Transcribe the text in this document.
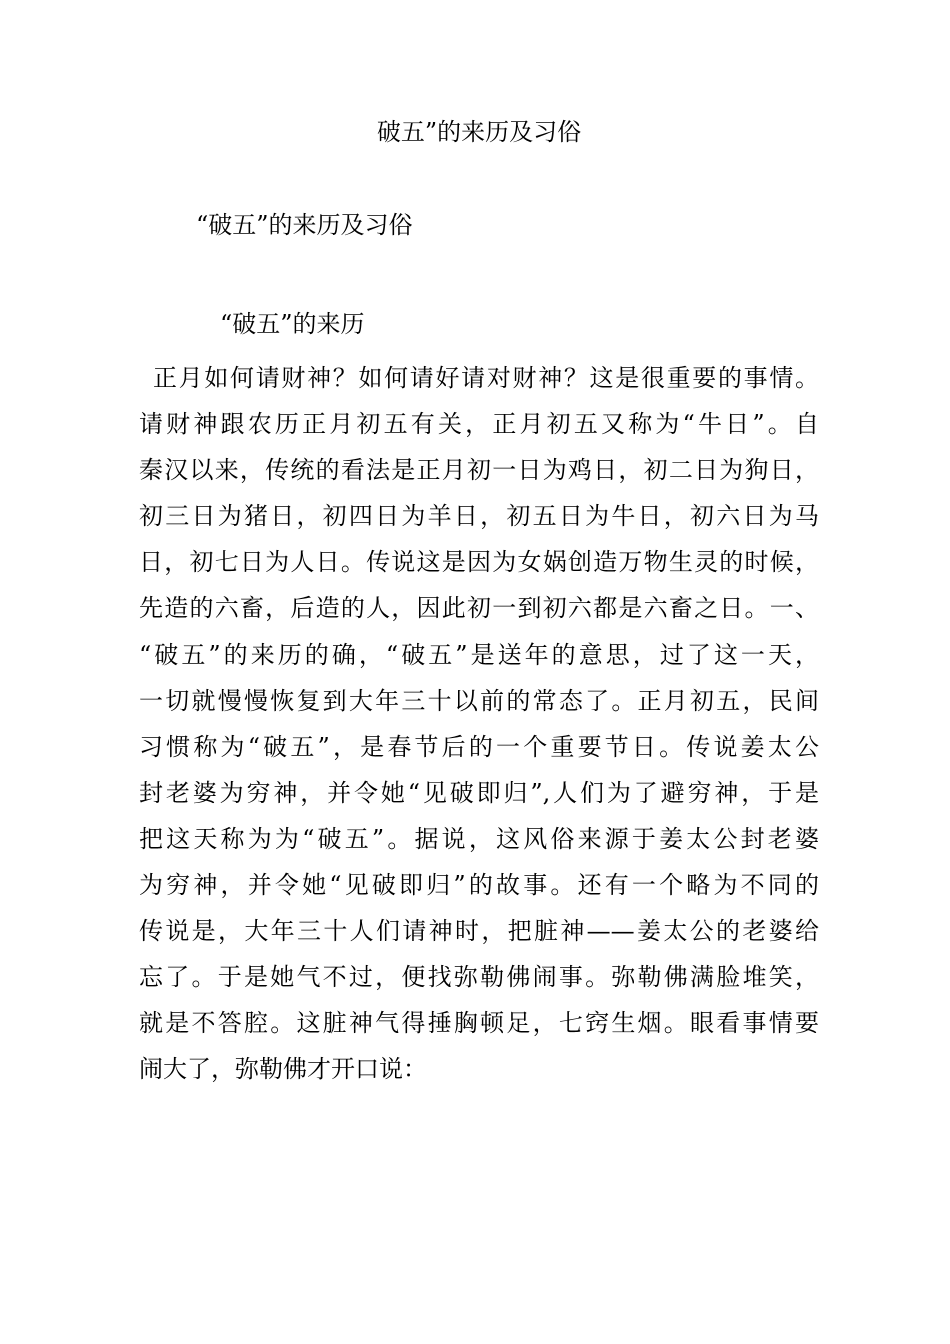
破五”的来历及习俗
“破五”的来历及习俗
“破五”的来历
正月如何请财神？如何请好请对财神？这是很重要的事情。
请财神跟农历正月初五有关，正月初五又称为“牛日”。自
秦汉以来，传统的看法是正月初一日为鸡日，初二日为狗日，
初三日为猪日，初四日为羊日，初五日为牛日，初六日为马
日，初七日为人日。传说这是因为女娲创造万物生灵的时候，
先造的六畜，后造的人，因此初一到初六都是六畜之日。一、
“破五”的来历的确，“破五”是送年的意思，过了这一天，
一切就慢慢恢复到大年三十以前的常态了。正月初五，民间
习惯称为“破五”，是春节后的一个重要节日。传说姜太公
封老婆为穷神，并令她“见破即归”,人们为了避穷神，于是
把这天称为为“破五”。据说，这风俗来源于姜太公封老婆
为穷神，并令她“见破即归”的故事。还有一个略为不同的
传说是，大年三十人们请神时，把脏神——姜太公的老婆给
忘了。于是她气不过，便找弥勒佛闹事。弥勒佛满脸堆笑，
就是不答腔。这脏神气得捶胸顿足，七窍生烟。眼看事情要
闹大了，弥勒佛才开口说：
